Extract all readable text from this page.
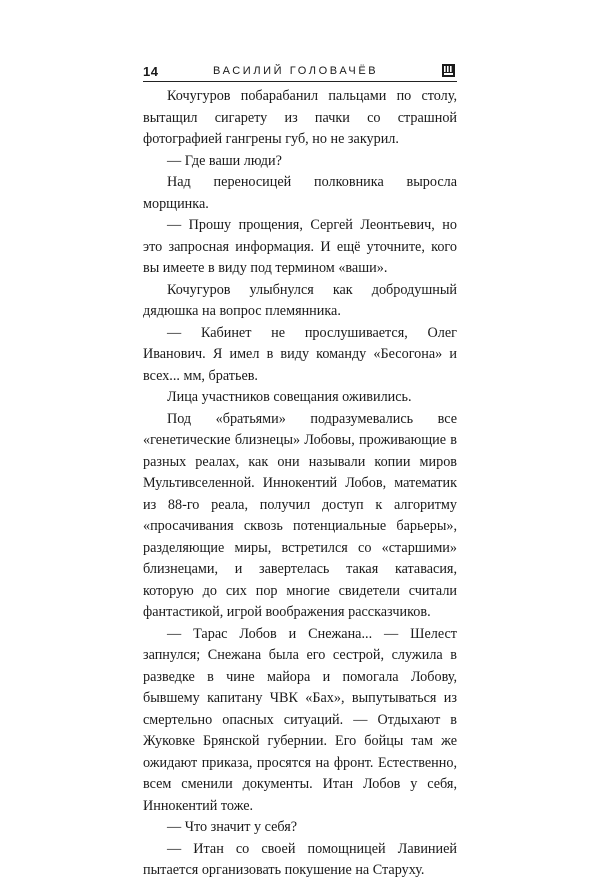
14	ВАСИЛИЙ ГОЛОВАЧЁВ

Кочугуров побарабанил пальцами по столу, вытащил сигарету из пачки со страшной фотографией гангрены губ, но не закурил.

— Где ваши люди?

Над переносицей полковника выросла морщинка.

— Прошу прощения, Сергей Леонтьевич, но это запросная информация. И ещё уточните, кого вы имеете в виду под термином «ваши».

Кочугуров улыбнулся как добродушный дядюшка на вопрос племянника.

— Кабинет не прослушивается, Олег Иванович. Я имел в виду команду «Бесогона» и всех... мм, братьев.

Лица участников совещания оживились.

Под «братьями» подразумевались все «генетические близнецы» Лобовы, проживающие в разных реалах, как они называли копии миров Мультивселенной. Иннокентий Лобов, математик из 88-го реала, получил доступ к алгоритму «просачивания сквозь потенциальные барьеры», разделяющие миры, встретился со «старшими» близнецами, и завертелась такая катавасия, которую до сих пор многие свидетели считали фантастикой, игрой воображения рассказчиков.

— Тарас Лобов и Снежана... — Шелест запнулся; Снежана была его сестрой, служила в разведке в чине майора и помогала Лобову, бывшему капитану ЧВК «Бах», выпутываться из смертельно опасных ситуаций. — Отдыхают в Жуковке Брянской губернии. Его бойцы там же ожидают приказа, просятся на фронт. Естественно, всем сменили документы. Итан Лобов у себя, Иннокентий тоже.

— Что значит у себя?

— Итан со своей помощницей Лавинией пытается организовать покушение на Старуху.
